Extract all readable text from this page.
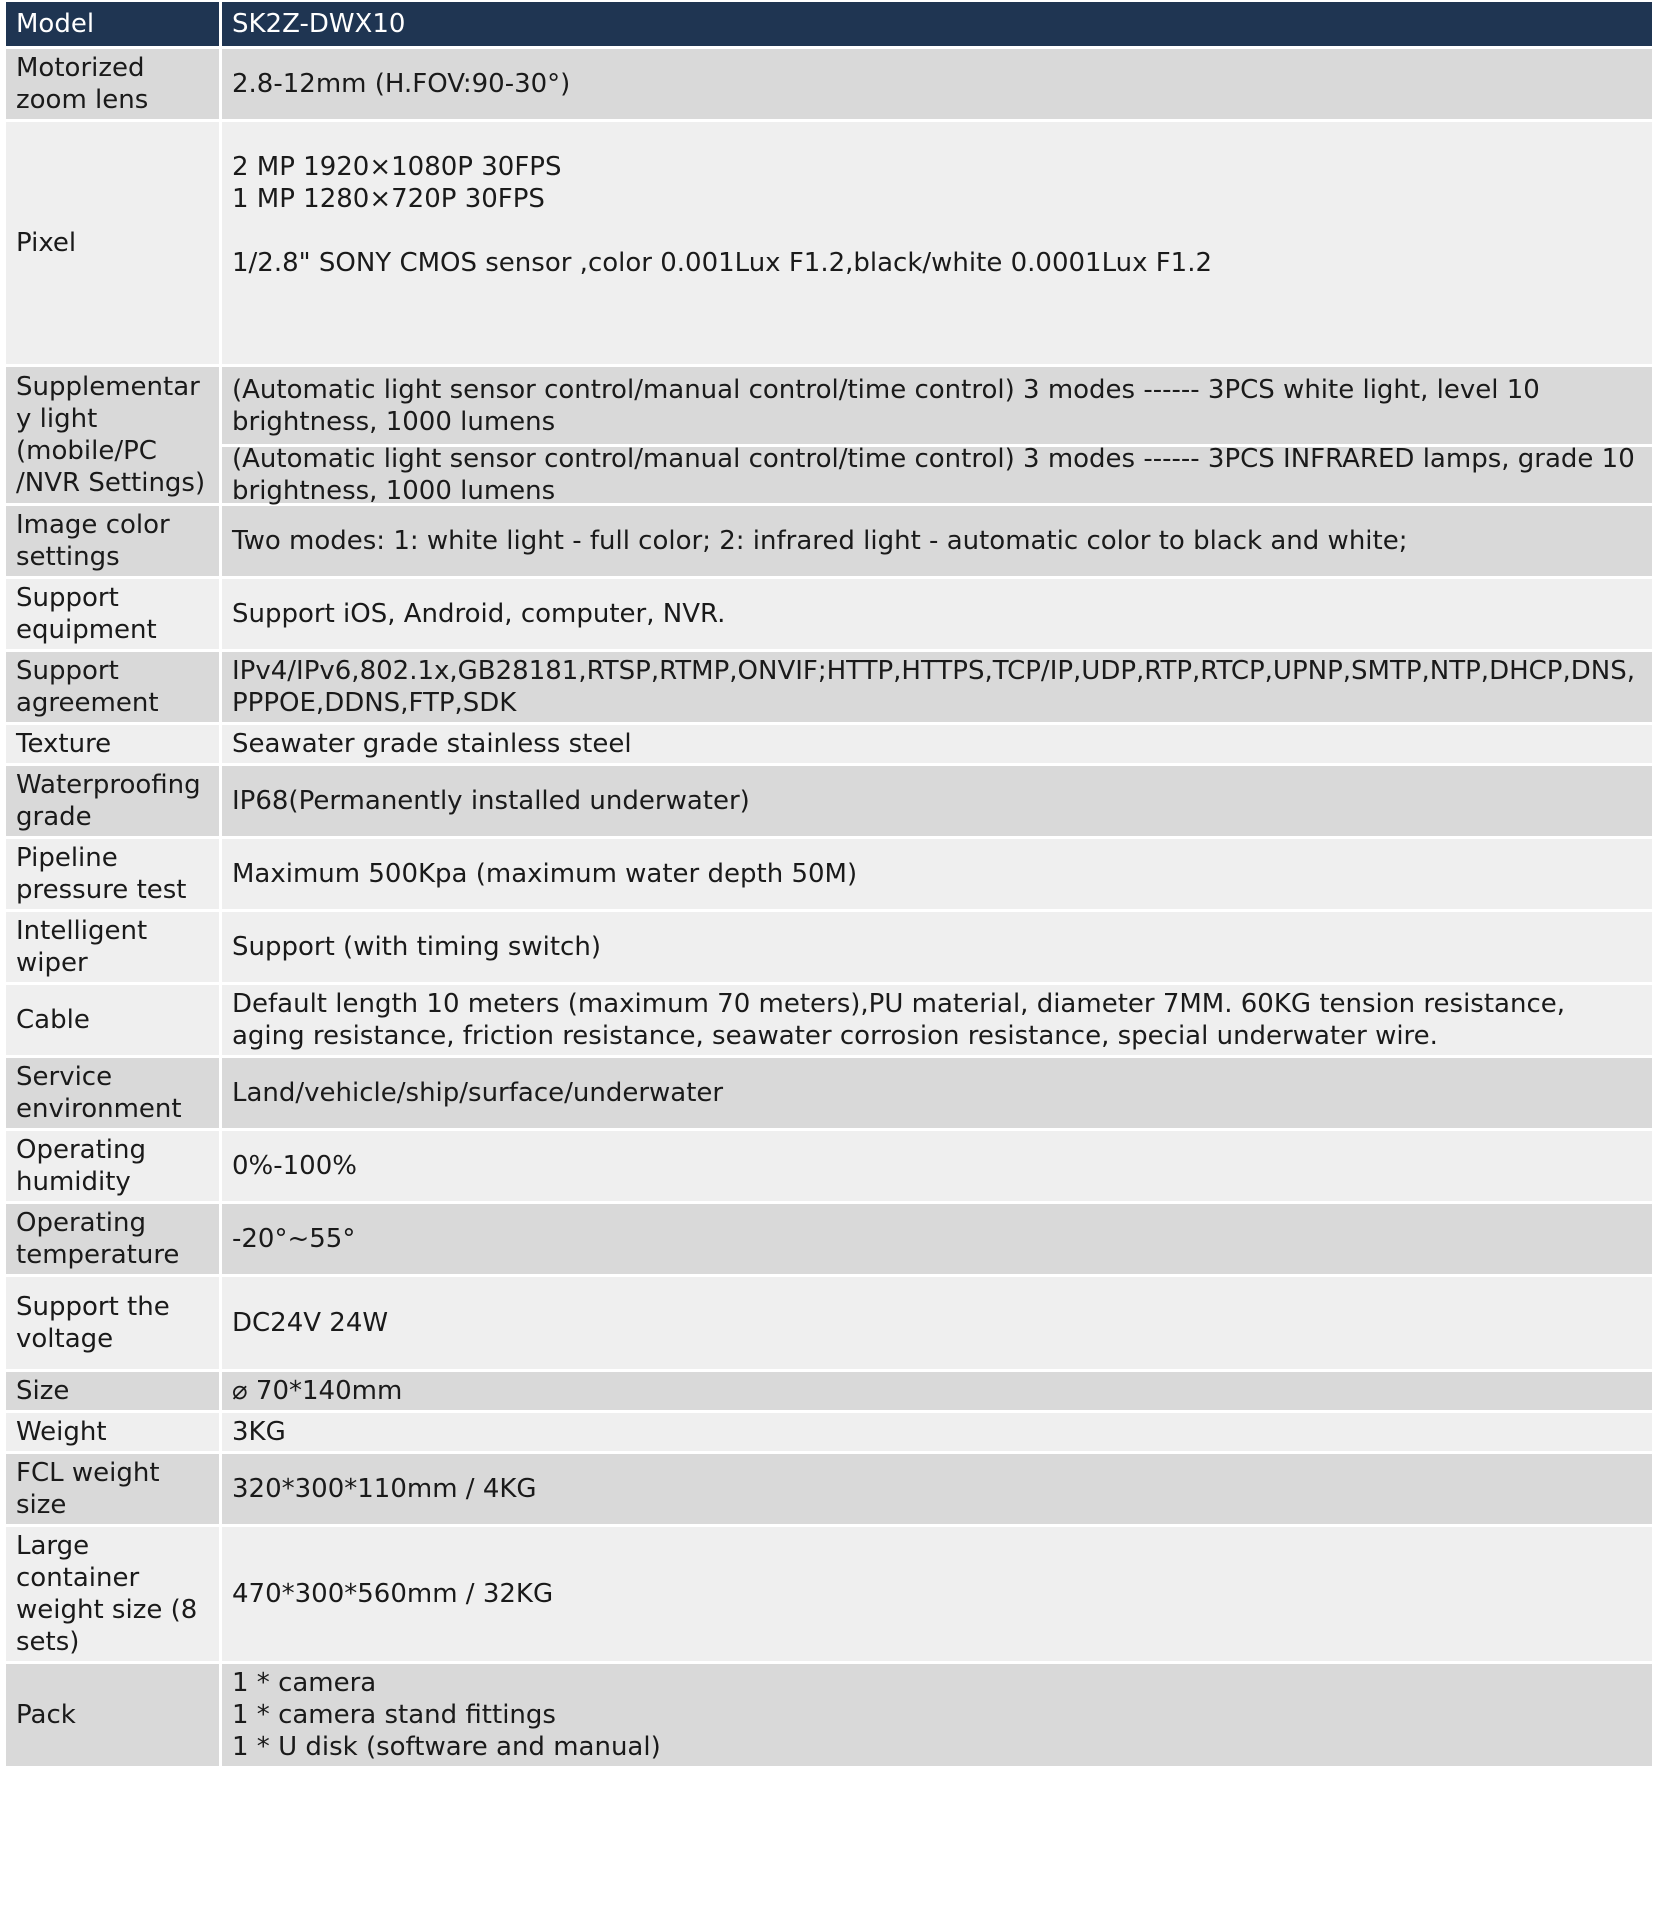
Model	SK2Z-DWX10
Motorized zoom lens	2.8-12mm (H.FOV:90-30°)
Pixel	2 MP 1920×1080P 30FPS
1 MP 1280×720P 30FPS
1/2.8" SONY CMOS sensor ,color 0.001Lux F1.2,black/white 0.0001Lux F1.2

Supplementary light (mobile/PC /NVR Settings)	(Automatic light sensor control/manual control/time control) 3 modes ------ 3PCS white light, level 10 brightness, 1000 lumens
(Automatic light sensor control/manual control/time control) 3 modes ------ 3PCS INFRARED lamps, grade 10 brightness, 1000 lumens

Image color settings	Two modes: 1: white light - full color; 2: infrared light - automatic color to black and white;
Support equipment	Support iOS, Android, computer, NVR.
Support agreement	IPv4/IPv6,802.1x,GB28181,RTSP,RTMP,ONVIF;HTTP,HTTPS,TCP/IP,UDP,RTP,RTCP,UPNP,SMTP,NTP,DHCP,DNS,PPPOE,DDNS,FTP,SDK
Texture	Seawater grade stainless steel
Waterproofing grade	IP68(Permanently installed underwater)
Pipeline pressure test	Maximum 500Kpa (maximum water depth 50M)
Intelligent wiper	Support (with timing switch)
Cable	Default length 10 meters (maximum 70 meters),PU material, diameter 7MM. 60KG tension resistance, aging resistance, friction resistance, seawater corrosion resistance, special underwater wire.
Service environment	Land/vehicle/ship/surface/underwater
Operating humidity	0%-100%
Operating temperature	-20°~55°
Support the voltage	DC24V 24W
Size	⌀ 70*140mm
Weight	3KG
FCL weight size	320*300*110mm / 4KG
Large container weight size (8 sets)	470*300*560mm / 32KG
Pack	1 * camera
1 * camera stand fittings
1 * U disk (software and manual)
